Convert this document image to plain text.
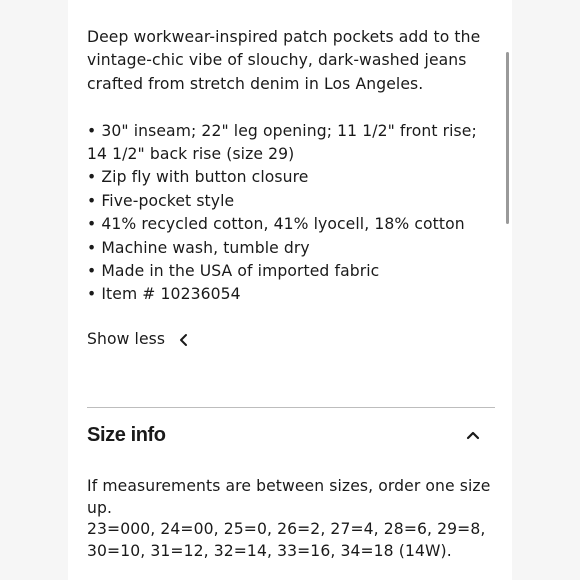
Deep workwear-inspired patch pockets add to the vintage-chic vibe of slouchy, dark-washed jeans crafted from stretch denim in Los Angeles.

• 30" inseam; 22" leg opening; 11 1/2" front rise; 14 1/2" back rise (size 29)
• Zip fly with button closure
• Five-pocket style
• 41% recycled cotton, 41% lyocell, 18% cotton
• Machine wash, tumble dry
• Made in the USA of imported fabric
• Item # 10236054
Show less
Size info

If measurements are between sizes, order one size up.

23=000, 24=00, 25=0, 26=2, 27=4, 28=6, 29=8, 30=10, 31=12, 32=14, 33=16, 34=18 (14W).
